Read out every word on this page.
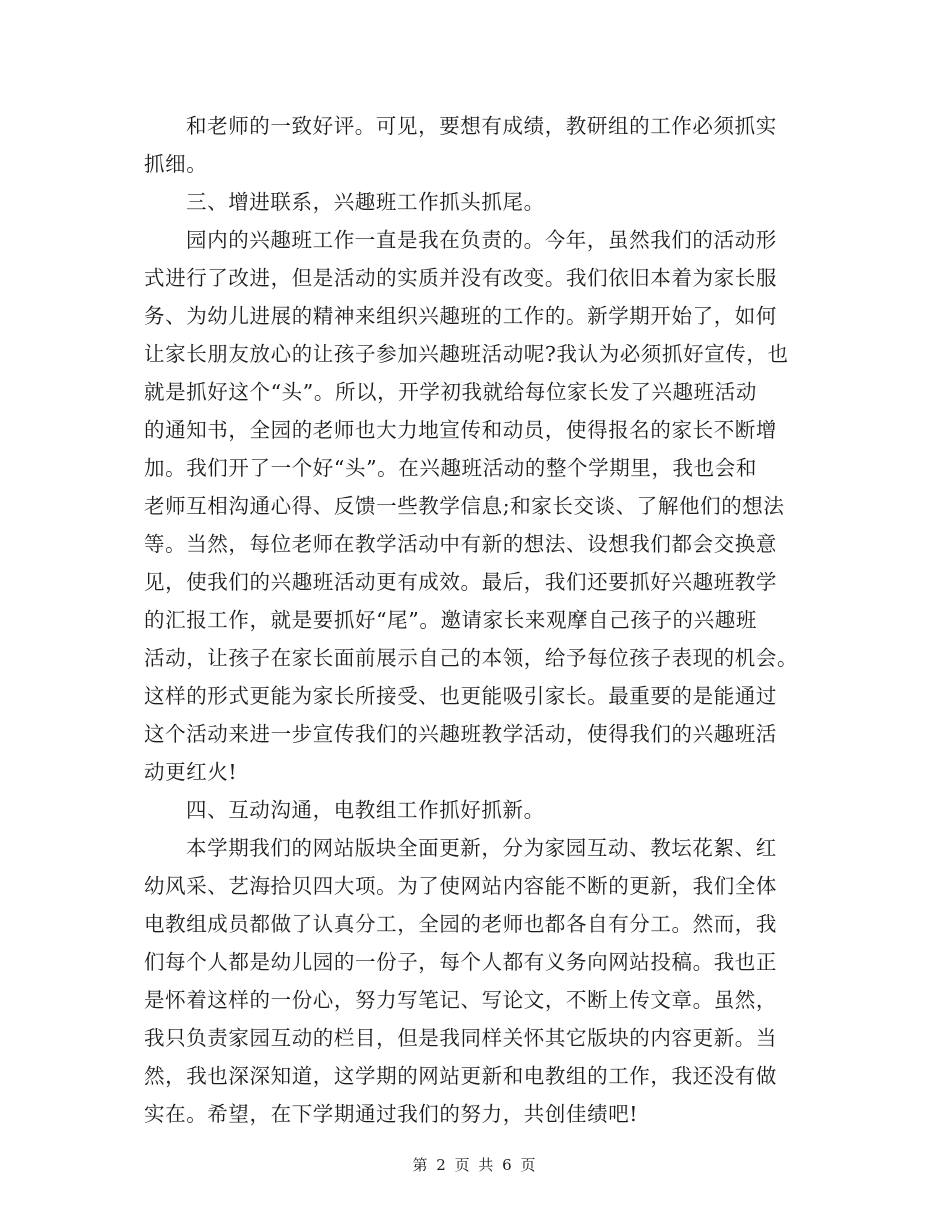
和老师的一致好评。可见，要想有成绩，教研组的工作必须抓实
抓细。
三、增进联系，兴趣班工作抓头抓尾。
园内的兴趣班工作一直是我在负责的。今年，虽然我们的活动形
式进行了改进，但是活动的实质并没有改变。我们依旧本着为家长服
务、为幼儿进展的精神来组织兴趣班的工作的。新学期开始了，如何
让家长朋友放心的让孩子参加兴趣班活动呢?我认为必须抓好宣传，也
就是抓好这个“头”。所以，开学初我就给每位家长发了兴趣班活动
的通知书，全园的老师也大力地宣传和动员，使得报名的家长不断增
加。我们开了一个好“头”。在兴趣班活动的整个学期里，我也会和
老师互相沟通心得、反馈一些教学信息;和家长交谈、了解他们的想法
等。当然，每位老师在教学活动中有新的想法、设想我们都会交换意
见，使我们的兴趣班活动更有成效。最后，我们还要抓好兴趣班教学
的汇报工作，就是要抓好“尾”。邀请家长来观摩自己孩子的兴趣班
活动，让孩子在家长面前展示自己的本领，给予每位孩子表现的机会。
这样的形式更能为家长所接受、也更能吸引家长。最重要的是能通过
这个活动来进一步宣传我们的兴趣班教学活动，使得我们的兴趣班活
动更红火!
四、互动沟通，电教组工作抓好抓新。
本学期我们的网站版块全面更新，分为家园互动、教坛花絮、红
幼风采、艺海拾贝四大项。为了使网站内容能不断的更新，我们全体
电教组成员都做了认真分工，全园的老师也都各自有分工。然而，我
们每个人都是幼儿园的一份子，每个人都有义务向网站投稿。我也正
是怀着这样的一份心，努力写笔记、写论文，不断上传文章。虽然，
我只负责家园互动的栏目，但是我同样关怀其它版块的内容更新。当
然，我也深深知道，这学期的网站更新和电教组的工作，我还没有做
实在。希望，在下学期通过我们的努力，共创佳绩吧!
第 2 页 共 6 页
